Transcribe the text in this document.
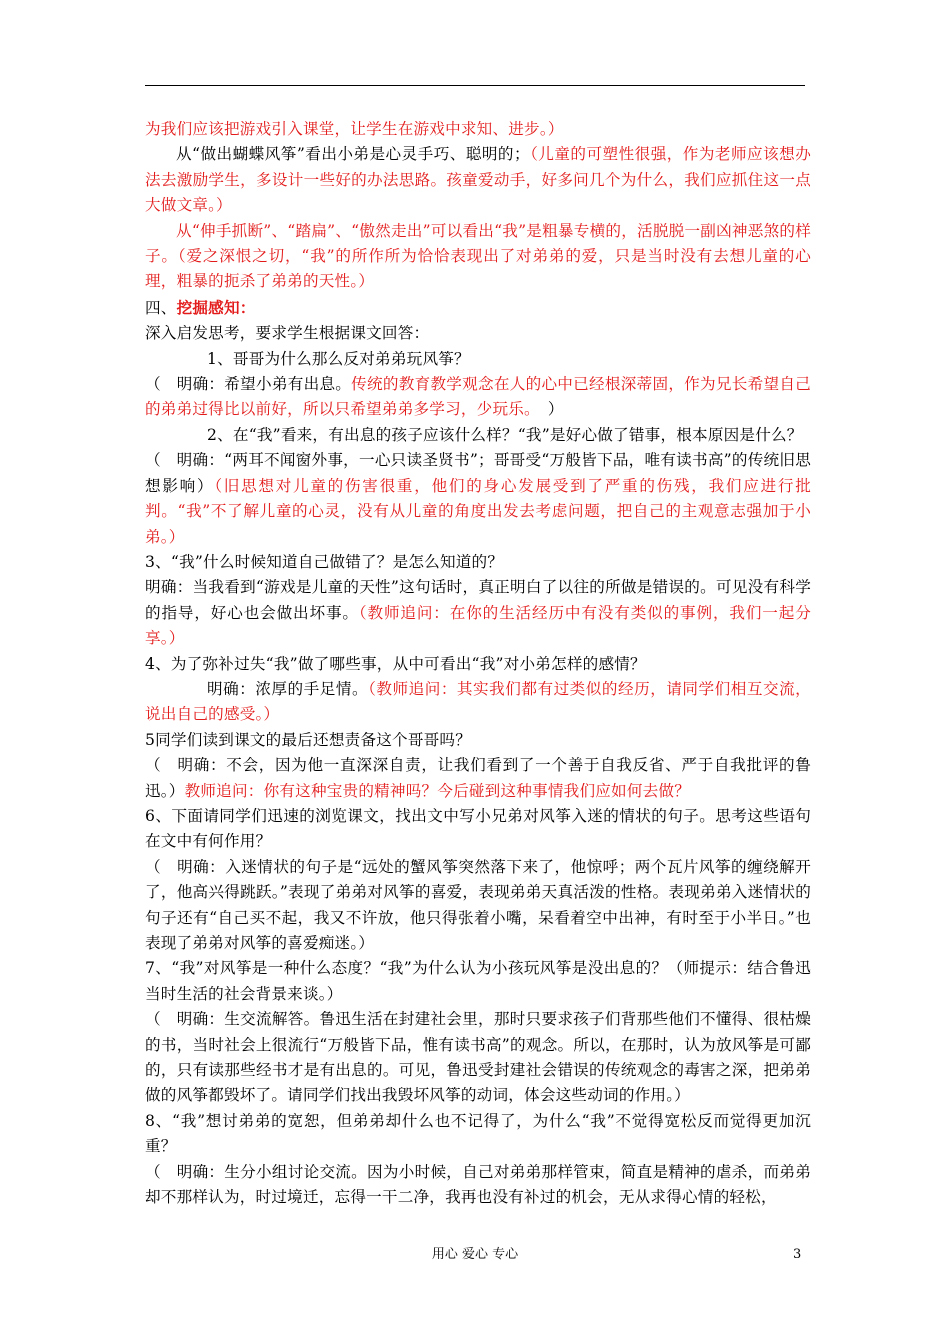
为我们应该把游戏引入课堂，让学生在游戏中求知、进步。）

从“做出蝴蝶风筝”看出小弟是心灵手巧、聪明的；（儿童的可塑性很强，作为老师应该想办法去激励学生，多设计一些好的办法思路。孩童爱动手，好多问几个为什么，我们应抓住这一点大做文章。）

从“伸手抓断”、“踏扁”、“傲然走出”可以看出“我”是粗暴专横的，活脱脱一副凶神恶煞的样子。（爱之深恨之切，“我”的所作所为恰恰表现出了对弟弟的爱，只是当时没有去想儿童的心理，粗暴的扼杀了弟弟的天性。）

四、挖掘感知：

深入启发思考，要求学生根据课文回答：

1、哥哥为什么那么反对弟弟玩风筝？

（　明确：希望小弟有出息。传统的教育教学观念在人的心中已经根深蒂固，作为兄长希望自己的弟弟过得比以前好，所以只希望弟弟多学习，少玩乐。　）

2、在“我”看来，有出息的孩子应该什么样？“我”是好心做了错事，根本原因是什么？

（　明确：“两耳不闻窗外事，一心只读圣贤书”；哥哥受“万般皆下品，唯有读书高”的传统旧思想影响）（旧思想对儿童的伤害很重，他们的身心发展受到了严重的伤残，我们应进行批判。“我”不了解儿童的心灵，没有从儿童的角度出发去考虑问题，把自己的主观意志强加于小弟。）

3、“我”什么时候知道自己做错了？是怎么知道的？

明确：当我看到“游戏是儿童的天性”这句话时，真正明白了以往的所做是错误的。可见没有科学的指导，好心也会做出坏事。（教师追问：在你的生活经历中有没有类似的事例，我们一起分享。）

4、为了弥补过失“我”做了哪些事，从中可看出“我”对小弟怎样的感情？

明确：浓厚的手足情。（教师追问：其实我们都有过类似的经历，请同学们相互交流，说出自己的感受。）

5同学们读到课文的最后还想责备这个哥哥吗？

（　明确：不会，因为他一直深深自责，让我们看到了一个善于自我反省、严于自我批评的鲁迅。）教师追问：你有这种宝贵的精神吗？今后碰到这种事情我们应如何去做？

6、下面请同学们迅速的浏览课文，找出文中写小兄弟对风筝入迷的情状的句子。思考这些语句在文中有何作用？

（　明确：入迷情状的句子是“远处的蟹风筝突然落下来了，他惊呼；两个瓦片风筝的缠绕解开了，他高兴得跳跃。”表现了弟弟对风筝的喜爱，表现弟弟天真活泼的性格。表现弟弟入迷情状的句子还有“自己买不起，我又不许放，他只得张着小嘴，呆看着空中出神，有时至于小半日。”也表现了弟弟对风筝的喜爱痴迷。）

7、“我”对风筝是一种什么态度？“我”为什么认为小孩玩风筝是没出息的？（师提示：结合鲁迅当时生活的社会背景来谈。）

（　明确：生交流解答。鲁迅生活在封建社会里，那时只要求孩子们背那些他们不懂得、很枯燥的书，当时社会上很流行“万般皆下品，惟有读书高”的观念。所以，在那时，认为放风筝是可鄙的，只有读那些经书才是有出息的。可见，鲁迅受封建社会错误的传统观念的毒害之深，把弟弟做的风筝都毁坏了。请同学们找出我毁坏风筝的动词，体会这些动词的作用。）

8、“我”想讨弟弟的宽恕，但弟弟却什么也不记得了，为什么“我”不觉得宽松反而觉得更加沉重？

（　明确：生分小组讨论交流。因为小时候，自己对弟弟那样管束，简直是精神的虐杀，而弟弟却不那样认为，时过境迁，忘得一干二净，我再也没有补过的机会，无从求得心情的轻松，

用心 爱心 专心	3
